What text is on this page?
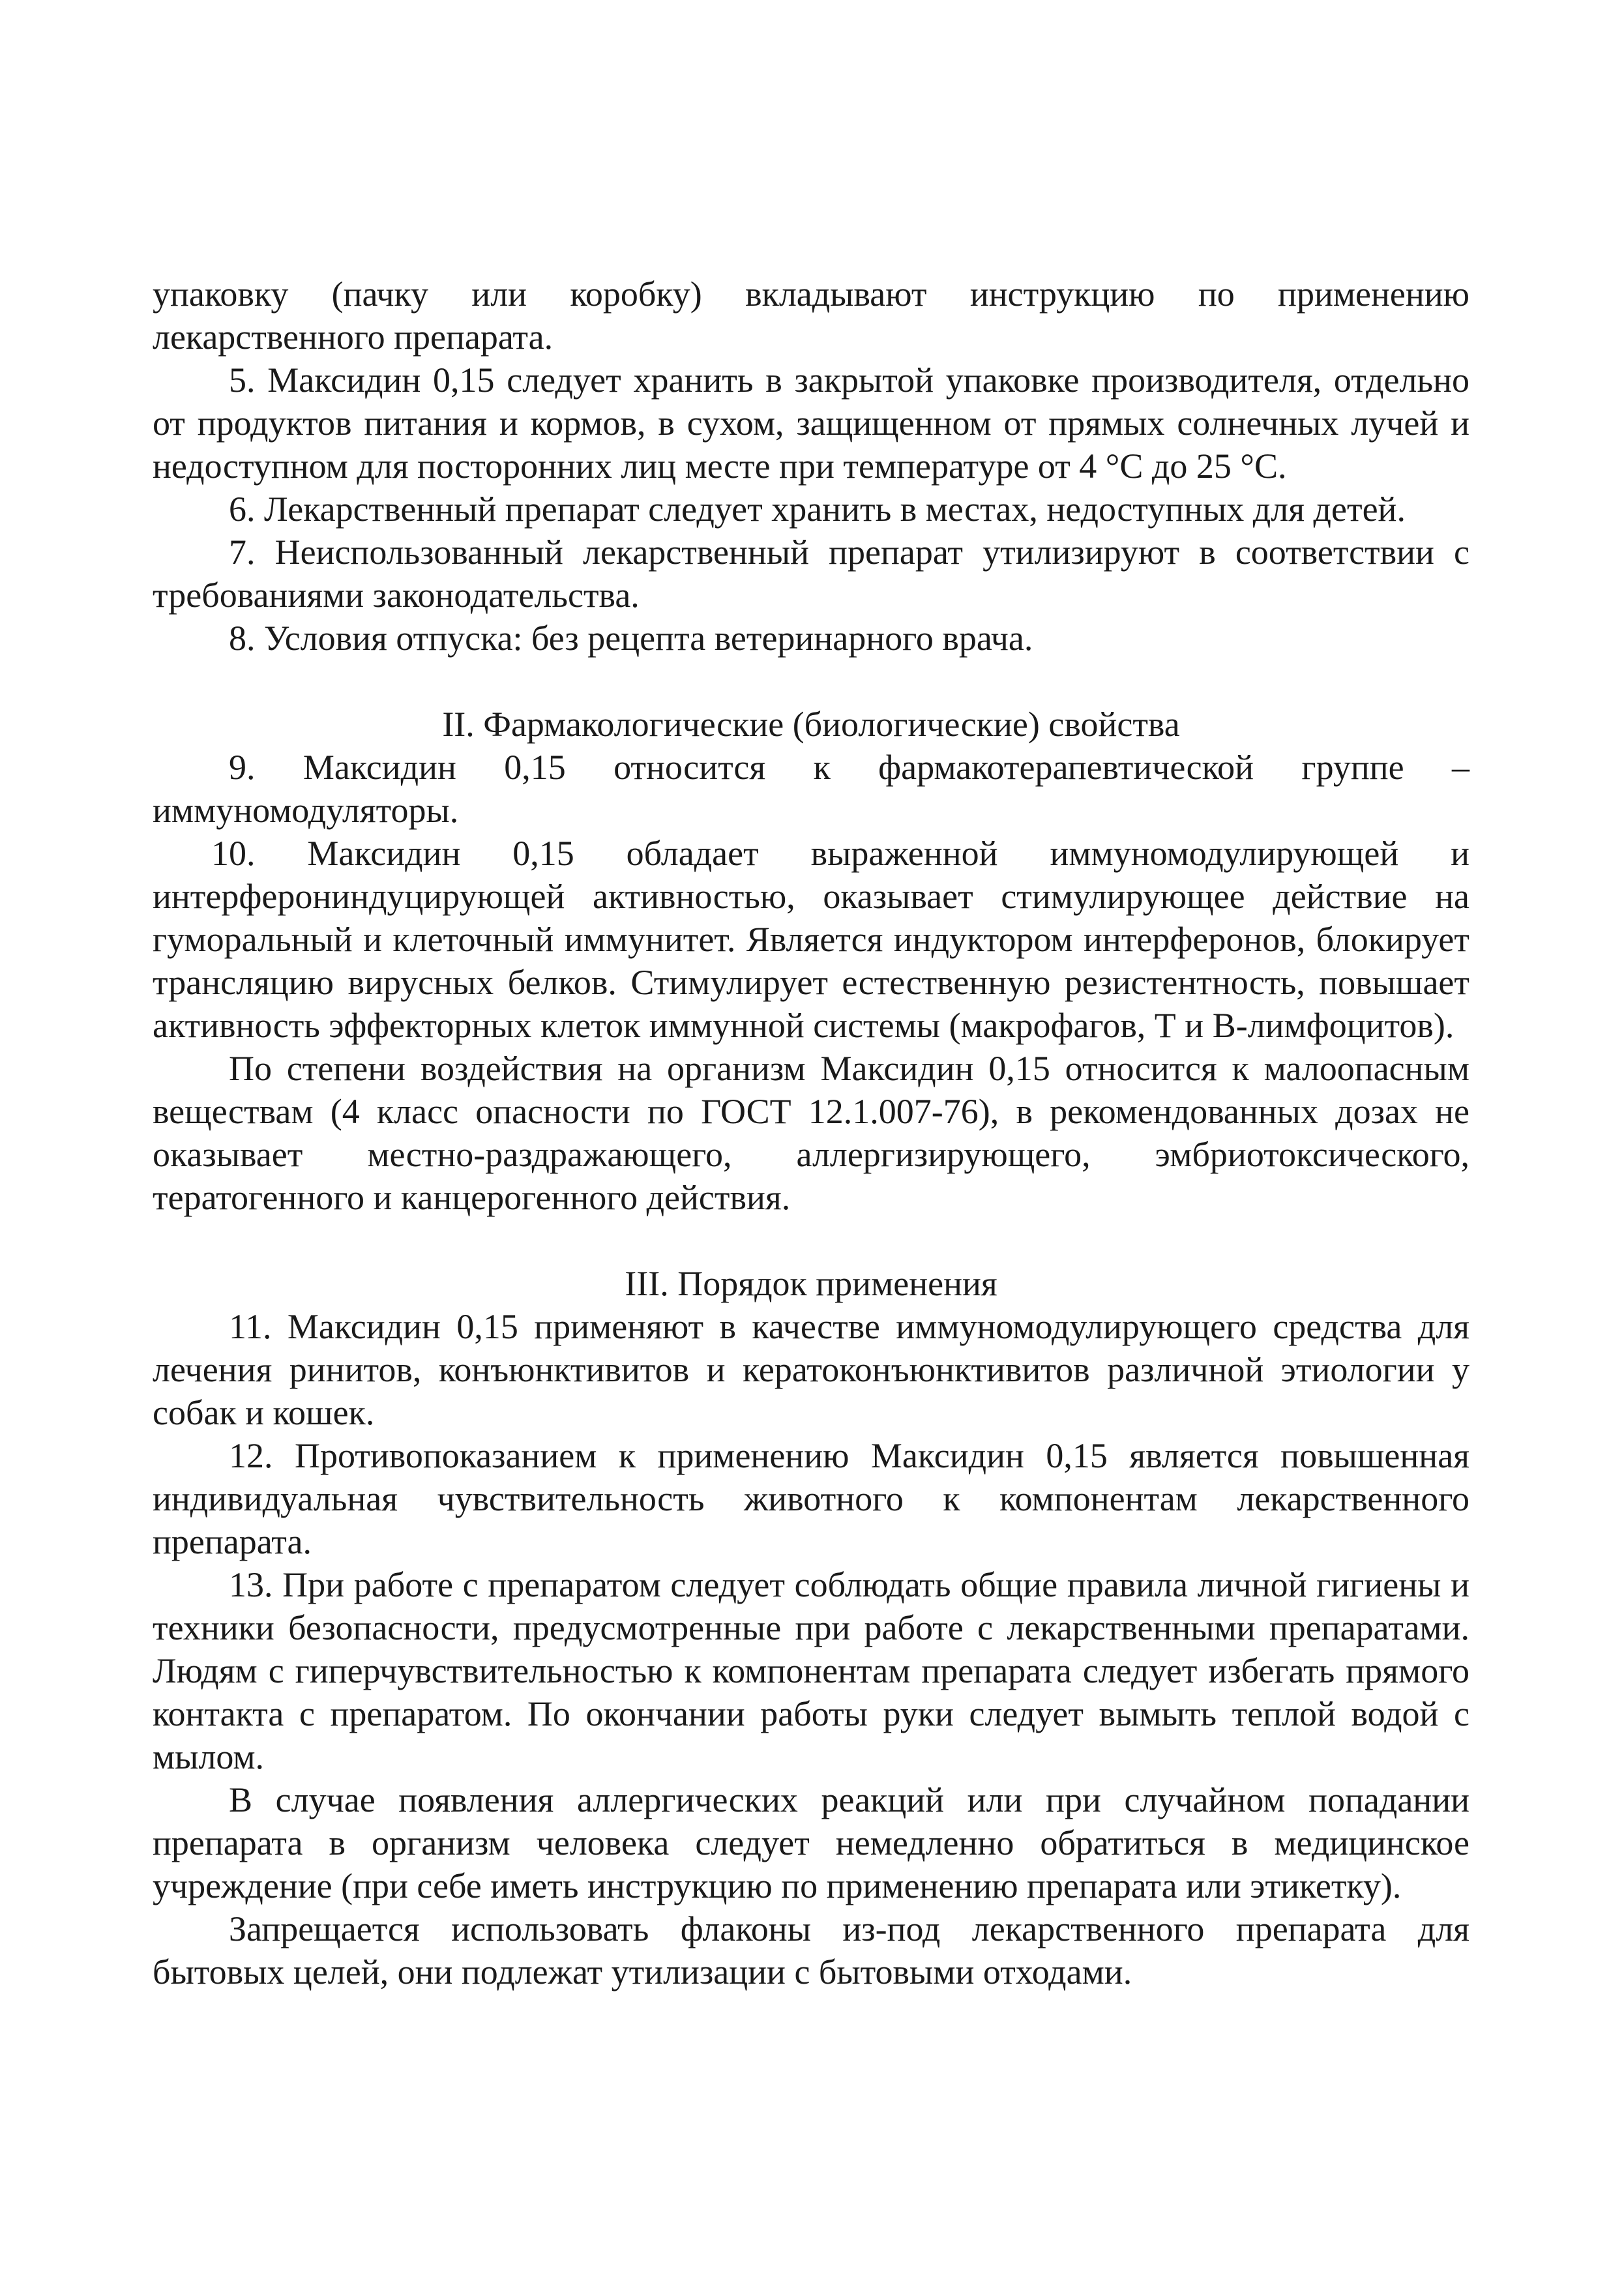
упаковку (пачку или коробку) вкладывают инструкцию по применению лекарственного препарата.

5. Максидин 0,15 следует хранить в закрытой упаковке производителя, отдельно от продуктов питания и кормов, в сухом, защищенном от прямых солнечных лучей и недоступном для посторонних лиц месте при температуре от 4 °С до 25 °С.

6. Лекарственный препарат следует хранить в местах, недоступных для детей.

7. Неиспользованный лекарственный препарат утилизируют в соответствии с требованиями законодательства.

8. Условия отпуска: без рецепта ветеринарного врача.

II. Фармакологические (биологические) свойства

9. Максидин 0,15 относится к фармакотерапевтической группе – иммуномодуляторы.

10. Максидин 0,15 обладает выраженной иммуномодулирующей и интерферониндуцирующей активностью, оказывает стимулирующее действие на гуморальный и клеточный иммунитет. Является индуктором интерферонов, блокирует трансляцию вирусных белков. Стимулирует естественную резистентность, повышает активность эффекторных клеток иммунной системы (макрофагов, Т и В-лимфоцитов).

По степени воздействия на организм Максидин 0,15 относится к малоопасным веществам (4 класс опасности по ГОСТ 12.1.007-76), в рекомендованных дозах не оказывает местно-раздражающего, аллергизирующего, эмбриотоксического, тератогенного и канцерогенного действия.

III. Порядок применения

11. Максидин 0,15 применяют в качестве иммуномодулирующего средства для лечения ринитов, конъюнктивитов и кератоконъюнктивитов различной этиологии у собак и кошек.

12. Противопоказанием к применению Максидин 0,15 является повышенная индивидуальная чувствительность животного к компонентам лекарственного препарата.

13. При работе с препаратом следует соблюдать общие правила личной гигиены и техники безопасности, предусмотренные при работе с лекарственными препаратами. Людям с гиперчувствительностью к компонентам препарата следует избегать прямого контакта с препаратом. По окончании работы руки следует вымыть теплой водой с мылом.

В случае появления аллергических реакций или при случайном попадании препарата в организм человека следует немедленно обратиться в медицинское учреждение (при себе иметь инструкцию по применению препарата или этикетку).

Запрещается использовать флаконы из-под лекарственного препарата для бытовых целей, они подлежат утилизации с бытовыми отходами.
